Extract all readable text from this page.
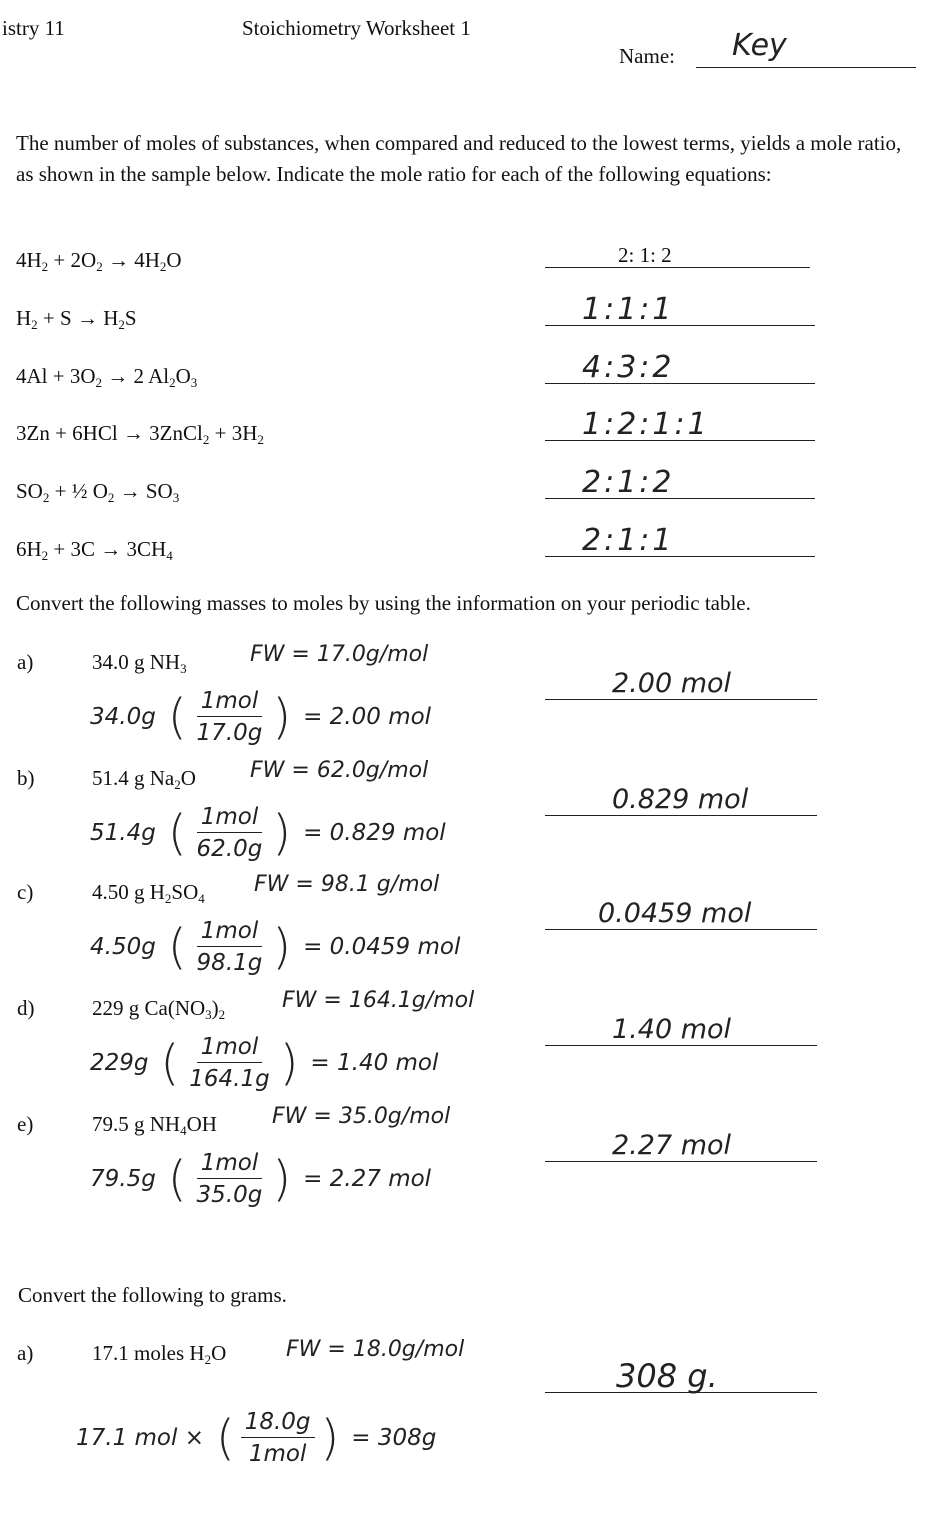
istry 11	Stoichiometry Worksheet 1
Name: Key
The number of moles of substances, when compared and reduced to the lowest terms, yields a mole ratio, as shown in the sample below. Indicate the mole ratio for each of the following equations:
$4H_2 + 2O_2 \to 4H_2O$	2: 1: 2
$H_2 + S \to H_2S$	1:1:1
$4Al + 3O_2 \to 2$ $Al_2O_3$	4:3:2
3Zn + 6HCl → 3ZnCl$_2$ + $3H_2$	1:2:1:1
$SO_2$ + ½ $O_2 \to SO_3$	2:1:2
$6H_2 + 3C \to 3CH_4$	2:1:1
Convert the following masses to moles by using the information on your periodic table.
a)	34.0 g $NH_3$
FW = 17.0g/mol
34.0g ( $\frac{\text{1mol}}{17.0g}$ ) = 2.00 mol
2.00 mol
b)	51.4 g $Na_2O$ FW = 62.0g/mol
51.4g ( $\frac{\text{1mol}}{62.0g}$ ) = 0.829 mol
0.829 mol
c)	4.50 g $H_2SO_4$
FW = 98.1 g/mol
4.50g ( $\frac{\text{1mol}}{98.1g}$ ) = 0.0459 mol
0.0459 mol
d)	229 g $Ca(NO_3)_2$
FW = 164.1g/mol
229g ( $\frac{\text{1mol}}{164.1g}$ ) = 1.40 mol
1.40 mol
e)	79.5 g $NH_4OH$	FW = 35.0g/mol
79.5g ( $\frac{\text{1mol}}{35.0g}$ ) = 2.27 mol
2.27 mol
Convert the following to grams.
a)	17.1 moles $H_2O$	FW = 18.0g/mol
17.1 mol × ( $\frac{18.0g}{\text{1mol}}$ ) = 308g
308 g.
